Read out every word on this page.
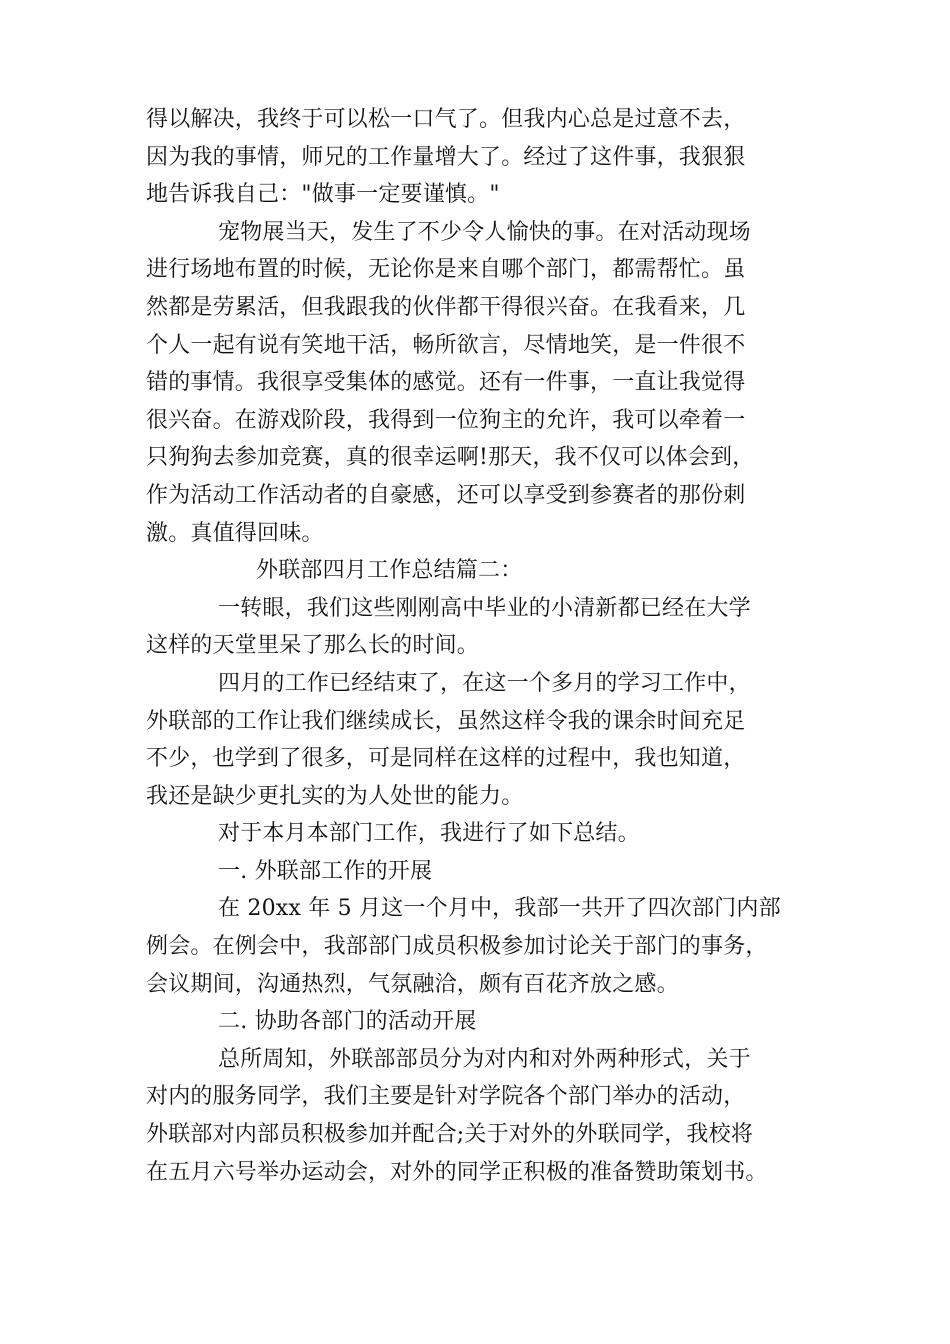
得以解决，我终于可以松一口气了。但我内心总是过意不去，
因为我的事情，师兄的工作量增大了。经过了这件事，我狠狠
地告诉我自己："做事一定要谨慎。"
宠物展当天，发生了不少令人愉快的事。在对活动现场
进行场地布置的时候，无论你是来自哪个部门，都需帮忙。虽
然都是劳累活，但我跟我的伙伴都干得很兴奋。在我看来，几
个人一起有说有笑地干活，畅所欲言，尽情地笑，是一件很不
错的事情。我很享受集体的感觉。还有一件事，一直让我觉得
很兴奋。在游戏阶段，我得到一位狗主的允许，我可以牵着一
只狗狗去参加竞赛，真的很幸运啊!那天，我不仅可以体会到，
作为活动工作活动者的自豪感，还可以享受到参赛者的那份刺
激。真值得回味。
外联部四月工作总结篇二：
一转眼，我们这些刚刚高中毕业的小清新都已经在大学
这样的天堂里呆了那么长的时间。
四月的工作已经结束了，在这一个多月的学习工作中，
外联部的工作让我们继续成长，虽然这样令我的课余时间充足
不少，也学到了很多，可是同样在这样的过程中，我也知道，
我还是缺少更扎实的为人处世的能力。
对于本月本部门工作，我进行了如下总结。
一. 外联部工作的开展
在 20xx 年 5 月这一个月中，我部一共开了四次部门内部
例会。在例会中，我部部门成员积极参加讨论关于部门的事务，
会议期间，沟通热烈，气氛融洽，颇有百花齐放之感。
二. 协助各部门的活动开展
总所周知，外联部部员分为对内和对外两种形式，关于
对内的服务同学，我们主要是针对学院各个部门举办的活动，
外联部对内部员积极参加并配合;关于对外的外联同学，我校将
在五月六号举办运动会，对外的同学正积极的准备赞助策划书。
